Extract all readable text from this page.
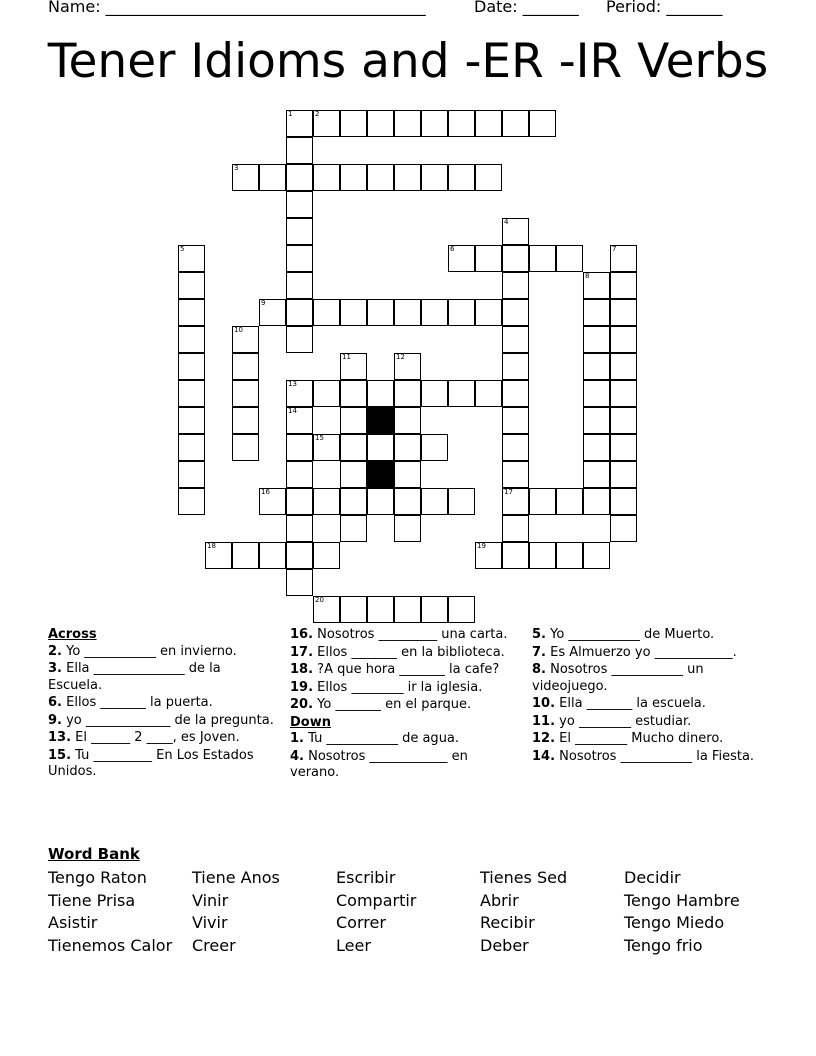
Name: ________________________________________	Date: _______ Period: _______
Tener Idioms and -ER -IR Verbs
2
3
6
9
13
15
16	17
18	19
20
1
4
5	7
8
10
11	12
14
Across
2. Yo ___________ en invierno.
3. Ella ______________ de la Escuela.
6. Ellos _______ la puerta.
9. yo _____________ de la pregunta.
13. El ______ 2 ____, es Joven.
15. Tu _________ En Los Estados Unidos.
16. Nosotros _________ una carta.
17. Ellos _______ en la biblioteca.
18. ?A que hora _______ la cafe?
19. Ellos ________ ir la iglesia.
20. Yo _______ en el parque.
Down
1. Tu ___________ de agua.
4. Nosotros ____________ en verano.
5. Yo ___________ de Muerto.
7. Es Almuerzo yo ____________.
8. Nosotros ___________ un videojuego.
10. Ella _______ la escuela.
11. yo ________ estudiar.
12. El ________ Mucho dinero.
14. Nosotros ___________ la Fiesta.
Word Bank
Tengo Raton
Tiene Prisa
Asistir
Tienemos Calor
Tiene Anos
Vinir
Vivir
Creer
Escribir
Compartir
Correr
Leer
Tienes Sed
Abrir
Recibir
Deber
Decidir
Tengo Hambre
Tengo Miedo
Tengo frio
